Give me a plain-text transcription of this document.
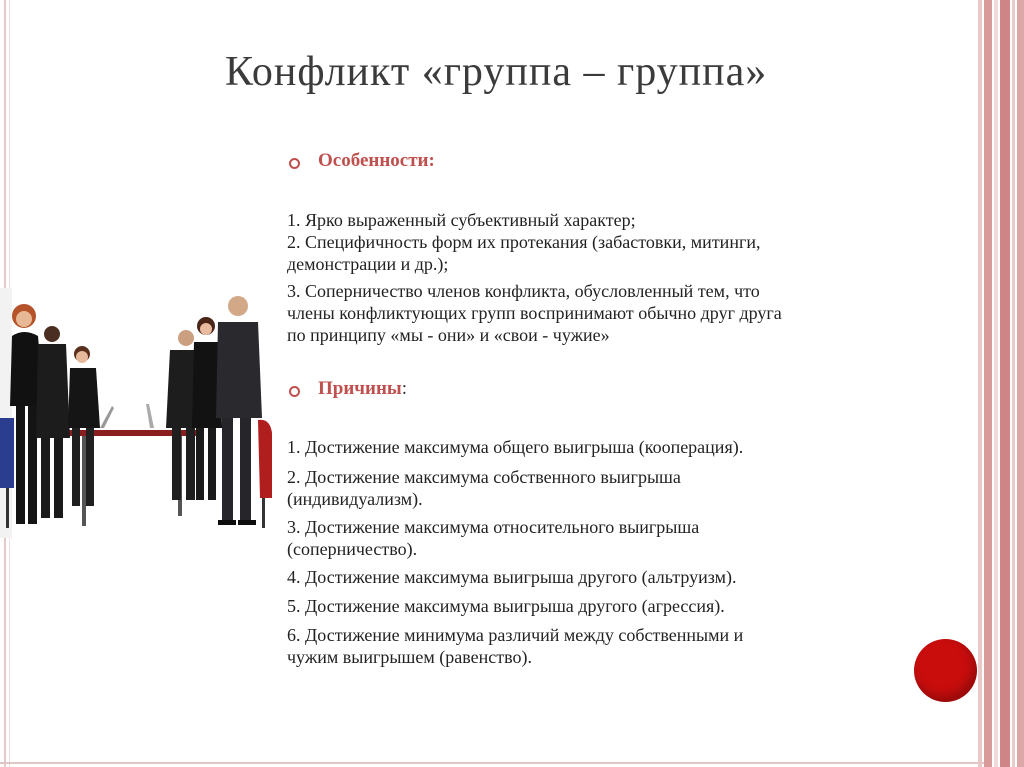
Конфликт «группа – группа»
Особенности:
1. Ярко выраженный субъективный характер;
2. Специфичность форм их протекания (забастовки, митинги,
демонстрации и др.);
3. Соперничество членов конфликта, обусловленный тем, что
члены конфликтующих групп воспринимают обычно друг друга
по принципу «мы - они» и «свои - чужие»
Причины:
1. Достижение максимума общего выигрыша (кооперация).
2. Достижение максимума собственного выигрыша
(индивидуализм).
3. Достижение максимума относительного выигрыша
(соперничество).
4. Достижение максимума выигрыша другого (альтруизм).
5. Достижение максимума выигрыша другого (агрессия).
6. Достижение минимума различий между собственными и
чужим выигрышем (равенство).
